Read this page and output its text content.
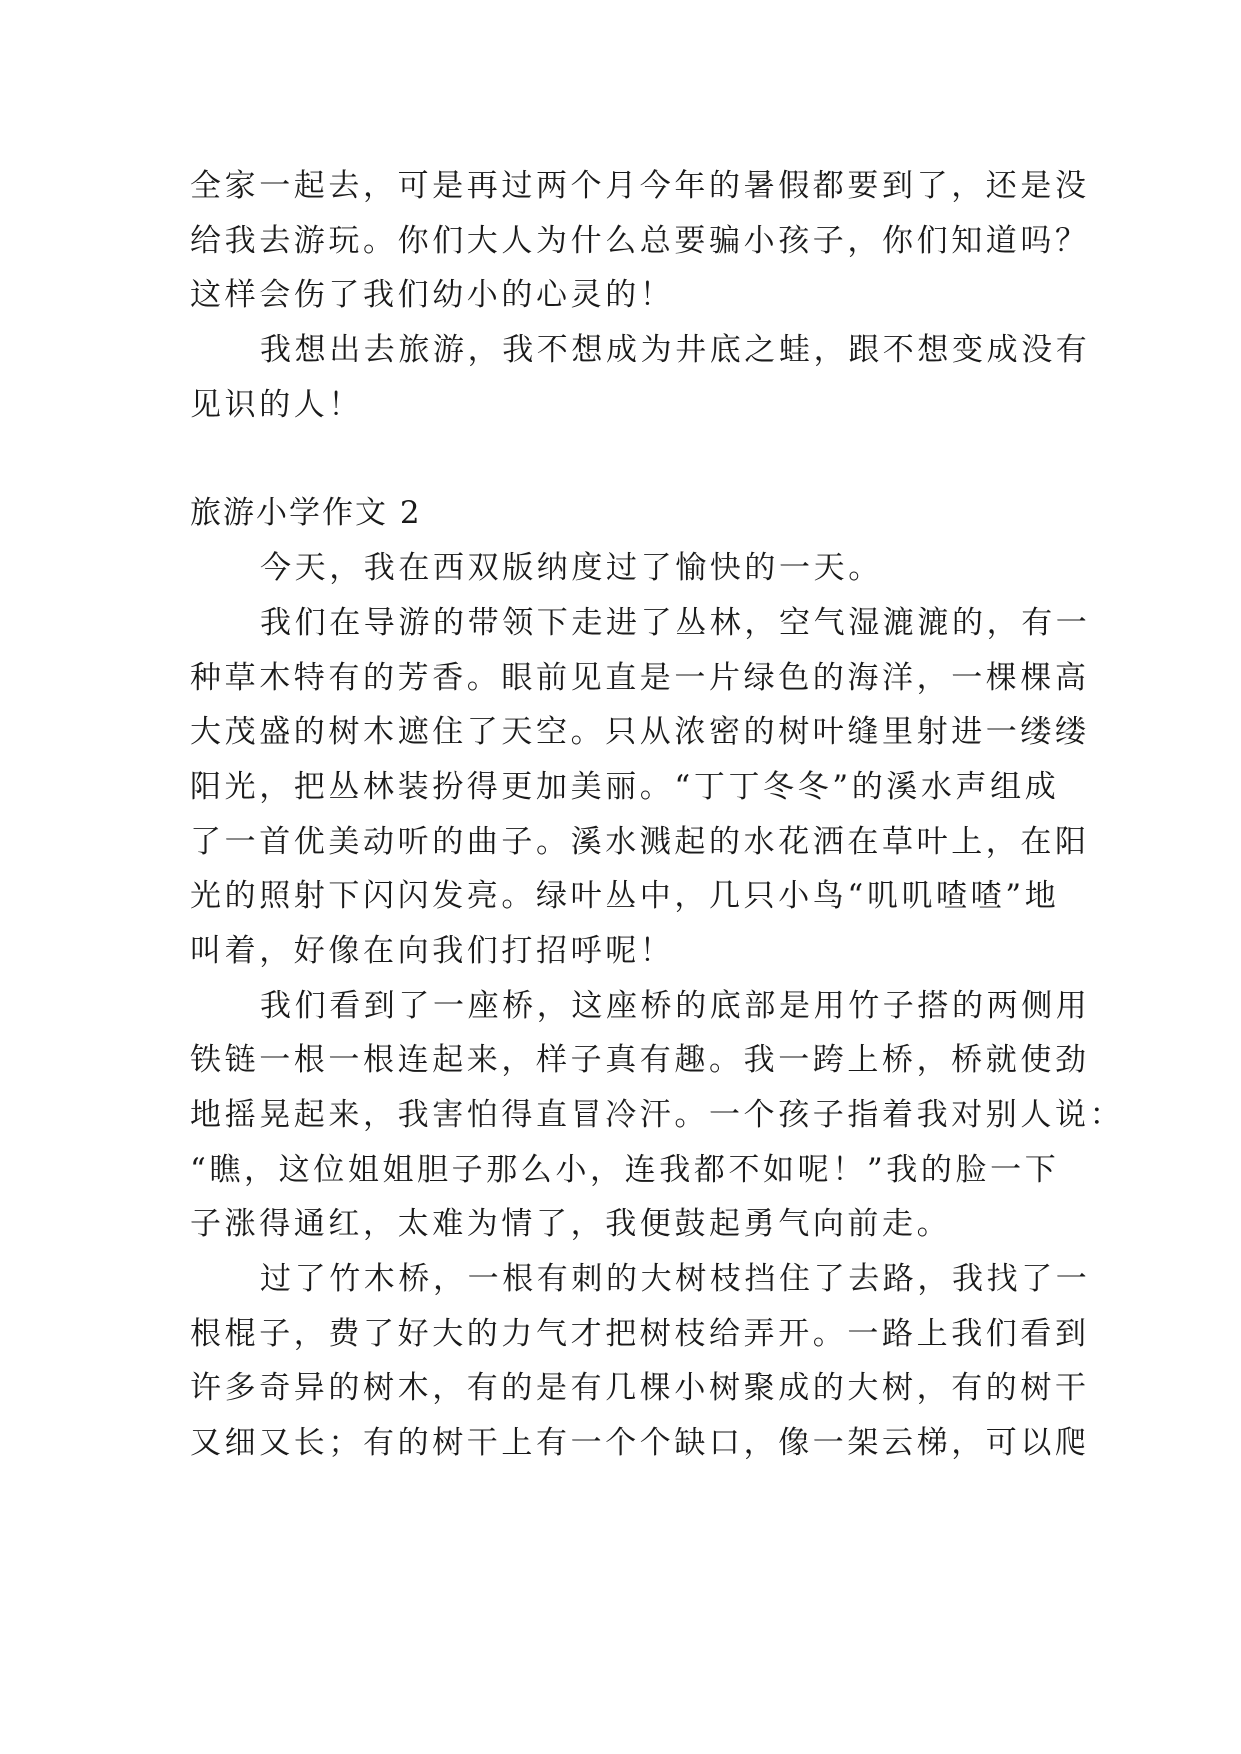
全家一起去，可是再过两个月今年的暑假都要到了，还是没
给我去游玩。你们大人为什么总要骗小孩子，你们知道吗？
这样会伤了我们幼小的心灵的！
我想出去旅游，我不想成为井底之蛙，跟不想变成没有
见识的人！
旅游小学作文 2
今天，我在西双版纳度过了愉快的一天。
我们在导游的带领下走进了丛林，空气湿漉漉的，有一
种草木特有的芳香。眼前见直是一片绿色的海洋，一棵棵高
大茂盛的树木遮住了天空。只从浓密的树叶缝里射进一缕缕
阳光，把丛林装扮得更加美丽。“丁丁冬冬”的溪水声组成
了一首优美动听的曲子。溪水溅起的水花洒在草叶上，在阳
光的照射下闪闪发亮。绿叶丛中，几只小鸟“叽叽喳喳”地
叫着，好像在向我们打招呼呢！
我们看到了一座桥，这座桥的底部是用竹子搭的两侧用
铁链一根一根连起来，样子真有趣。我一跨上桥，桥就使劲
地摇晃起来，我害怕得直冒冷汗。一个孩子指着我对别人说：
“瞧，这位姐姐胆子那么小，连我都不如呢！”我的脸一下
子涨得通红，太难为情了，我便鼓起勇气向前走。
过了竹木桥，一根有刺的大树枝挡住了去路，我找了一
根棍子，费了好大的力气才把树枝给弄开。一路上我们看到
许多奇异的树木，有的是有几棵小树聚成的大树，有的树干
又细又长；有的树干上有一个个缺口，像一架云梯，可以爬
